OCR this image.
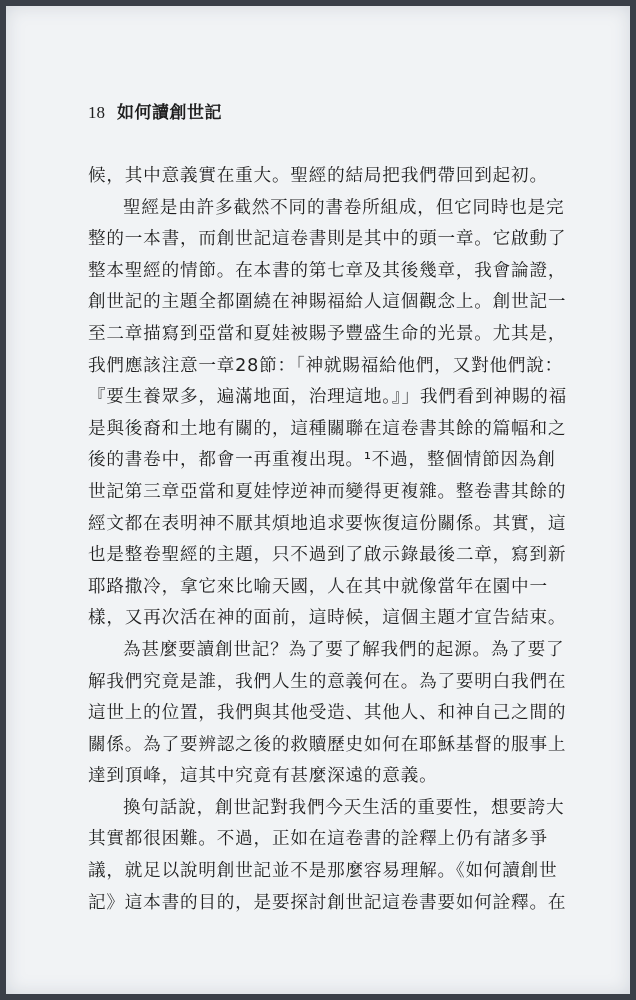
18 如何讀創世記
候，其中意義實在重大。聖經的結局把我們帶回到起初。
聖經是由許多截然不同的書卷所組成，但它同時也是完
整的一本書，而創世記這卷書則是其中的頭一章。它啟動了
整本聖經的情節。在本書的第七章及其後幾章，我會論證，
創世記的主題全都圍繞在神賜福給人這個觀念上。創世記一
至二章描寫到亞當和夏娃被賜予豐盛生命的光景。尤其是，
我們應該注意一章28節：「神就賜福給他們，又對他們說：
『要生養眾多，遍滿地面，治理這地。』」我們看到神賜的福
是與後裔和土地有關的，這種關聯在這卷書其餘的篇幅和之
後的書卷中，都會一再重複出現。¹不過，整個情節因為創
世記第三章亞當和夏娃悖逆神而變得更複雜。整卷書其餘的
經文都在表明神不厭其煩地追求要恢復這份關係。其實，這
也是整卷聖經的主題，只不過到了啟示錄最後二章，寫到新
耶路撒冷，拿它來比喻天國，人在其中就像當年在園中一
樣，又再次活在神的面前，這時候，這個主題才宣告結束。
為甚麼要讀創世記？為了要了解我們的起源。為了要了
解我們究竟是誰，我們人生的意義何在。為了要明白我們在
這世上的位置，我們與其他受造、其他人、和神自己之間的
關係。為了要辨認之後的救贖歷史如何在耶穌基督的服事上
達到頂峰，這其中究竟有甚麼深遠的意義。
換句話說，創世記對我們今天生活的重要性，想要誇大
其實都很困難。不過，正如在這卷書的詮釋上仍有諸多爭
議，就足以說明創世記並不是那麼容易理解。《如何讀創世
記》這本書的目的，是要探討創世記這卷書要如何詮釋。在
